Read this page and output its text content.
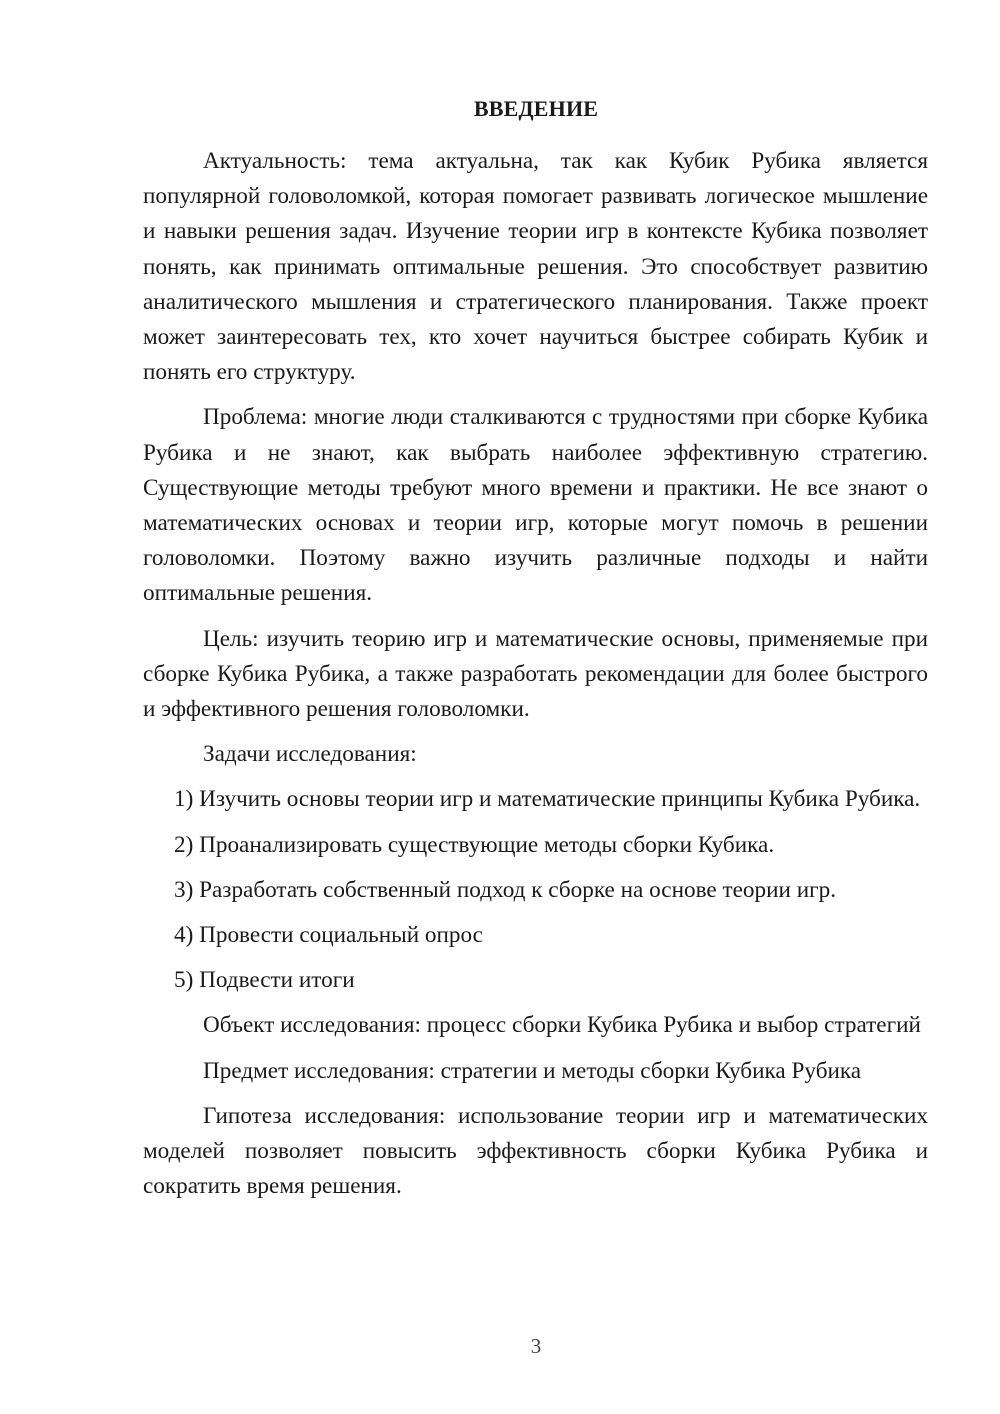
ВВЕДЕНИЕ

Актуальность: тема актуальна, так как Кубик Рубика является популярной головоломкой, которая помогает развивать логическое мышление и навыки решения задач. Изучение теории игр в контексте Кубика позволяет понять, как принимать оптимальные решения. Это способствует развитию аналитического мышления и стратегического планирования. Также проект может заинтересовать тех, кто хочет научиться быстрее собирать Кубик и понять его структуру.

Проблема: многие люди сталкиваются с трудностями при сборке Кубика Рубика и не знают, как выбрать наиболее эффективную стратегию. Существующие методы требуют много времени и практики. Не все знают о математических основах и теории игр, которые могут помочь в решении головоломки. Поэтому важно изучить различные подходы и найти оптимальные решения.

Цель: изучить теорию игр и математические основы, применяемые при сборке Кубика Рубика, а также разработать рекомендации для более быстрого и эффективного решения головоломки.

Задачи исследования:

1) Изучить основы теории игр и математические принципы Кубика Рубика.

2) Проанализировать существующие методы сборки Кубика.

3) Разработать собственный подход к сборке на основе теории игр.

4) Провести социальный опрос

5) Подвести итоги

Объект исследования: процесс сборки Кубика Рубика и выбор стратегий

Предмет исследования: стратегии и методы сборки Кубика Рубика

Гипотеза исследования: использование теории игр и математических моделей позволяет повысить эффективность сборки Кубика Рубика и сократить время решения.

3
